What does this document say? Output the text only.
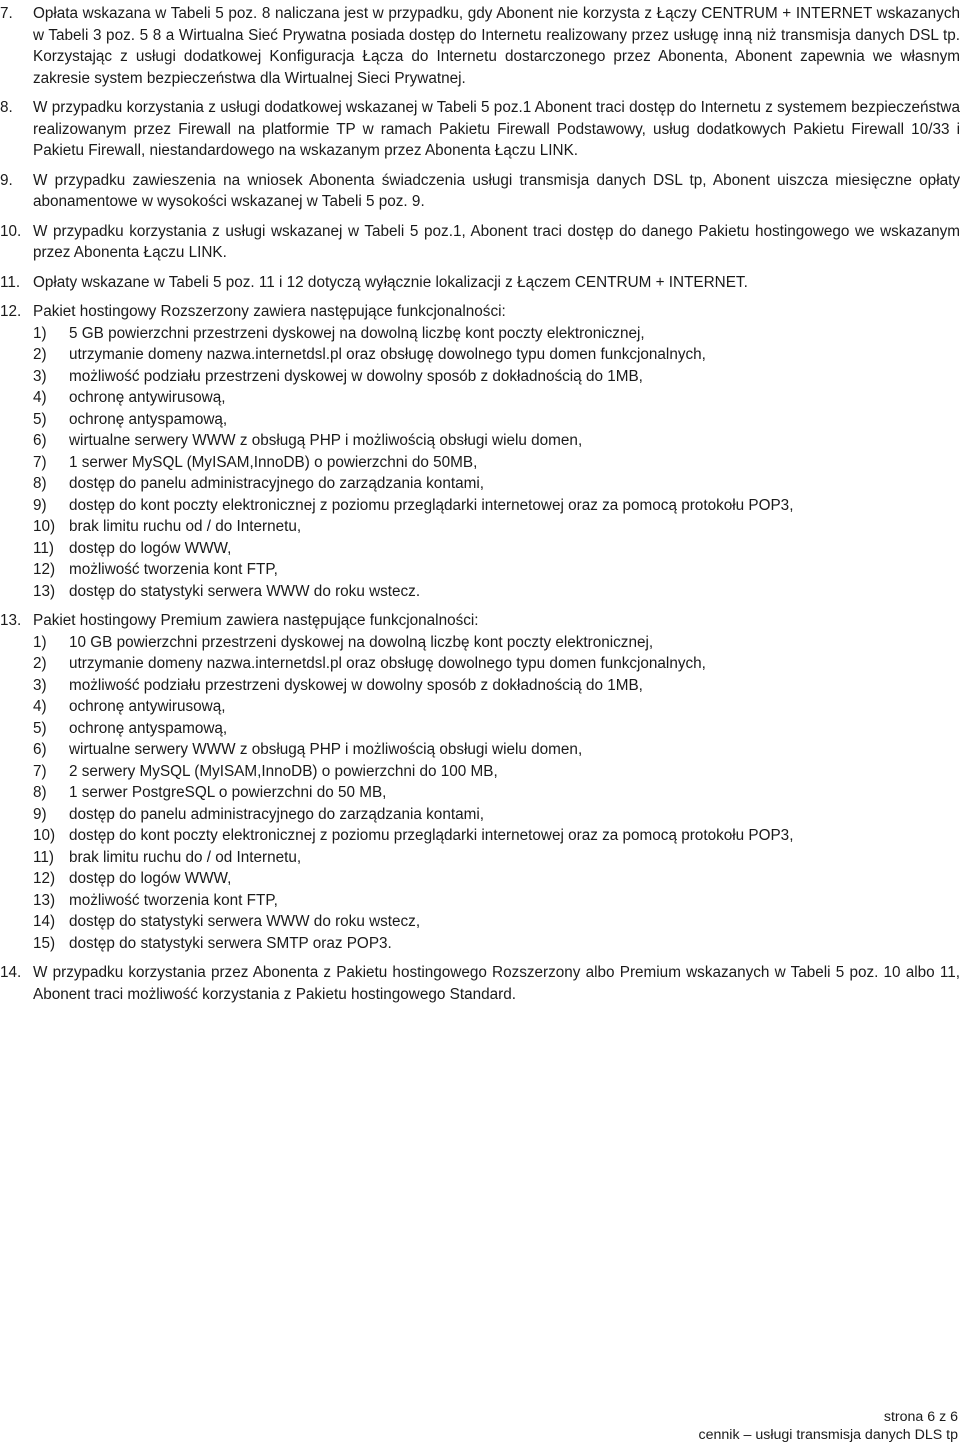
7.	Opłata wskazana w Tabeli 5 poz. 8 naliczana jest w przypadku, gdy Abonent nie korzysta z Łączy CENTRUM + INTERNET wskazanych w Tabeli 3 poz. 5 8 a Wirtualna Sieć Prywatna posiada dostęp do Internetu realizowany przez usługę inną niż transmisja danych DSL tp. Korzystając z usługi dodatkowej Konfiguracja Łącza do Internetu dostarczonego przez Abonenta, Abonent zapewnia we własnym zakresie system bezpieczeństwa dla Wirtualnej Sieci Prywatnej.
8.	W przypadku korzystania z usługi dodatkowej wskazanej w Tabeli 5 poz.1 Abonent traci dostęp do Internetu z systemem bezpieczeństwa realizowanym przez Firewall na platformie TP w ramach Pakietu Firewall Podstawowy, usług dodatkowych Pakietu Firewall 10/33 i Pakietu Firewall, niestandardowego na wskazanym przez Abonenta Łączu LINK.
9.	W przypadku zawieszenia na wniosek Abonenta świadczenia usługi transmisja danych DSL tp, Abonent uiszcza miesięczne opłaty abonamentowe w wysokości wskazanej w Tabeli 5 poz. 9.
10. W przypadku korzystania z usługi wskazanej w Tabeli 5 poz.1, Abonent traci dostęp do danego Pakietu hostingowego we wskazanym przez Abonenta Łączu LINK.
11. Opłaty wskazane w Tabeli 5 poz. 11 i 12 dotyczą wyłącznie lokalizacji z Łączem CENTRUM + INTERNET.
12. Pakiet hostingowy Rozszerzony zawiera następujące funkcjonalności:
1) 5 GB powierzchni przestrzeni dyskowej na dowolną liczbę kont poczty elektronicznej,
2) utrzymanie domeny nazwa.internetdsl.pl oraz obsługę dowolnego typu domen funkcjonalnych,
3) możliwość podziału przestrzeni dyskowej w dowolny sposób z dokładnością do 1MB,
4) ochronę antywirusową,
5) ochronę antyspamową,
6) wirtualne serwery WWW z obsługą PHP i możliwością obsługi wielu domen,
7) 1 serwer MySQL (MyISAM,InnoDB) o powierzchni do 50MB,
8) dostęp do panelu administracyjnego do zarządzania kontami,
9) dostęp do kont poczty elektronicznej z poziomu przeglądarki internetowej oraz za pomocą protokołu POP3,
10) brak limitu ruchu od / do Internetu,
11) dostęp do logów WWW,
12) możliwość tworzenia kont FTP,
13) dostęp do statystyki serwera WWW do roku wstecz.
13. Pakiet hostingowy Premium zawiera następujące funkcjonalności:
1) 10 GB powierzchni przestrzeni dyskowej na dowolną liczbę kont poczty elektronicznej,
2) utrzymanie domeny nazwa.internetdsl.pl oraz obsługę dowolnego typu domen funkcjonalnych,
3) możliwość podziału przestrzeni dyskowej w dowolny sposób z dokładnością do 1MB,
4) ochronę antywirusową,
5) ochronę antyspamową,
6) wirtualne serwery WWW z obsługą PHP i możliwością obsługi wielu domen,
7) 2 serwery MySQL (MyISAM,InnoDB) o powierzchni do 100 MB,
8) 1 serwer PostgreSQL o powierzchni do 50 MB,
9) dostęp do panelu administracyjnego do zarządzania kontami,
10) dostęp do kont poczty elektronicznej z poziomu przeglądarki internetowej oraz za pomocą protokołu POP3,
11) brak limitu ruchu do / od Internetu,
12) dostęp do logów WWW,
13) możliwość tworzenia kont FTP,
14) dostęp do statystyki serwera WWW do roku wstecz,
15) dostęp do statystyki serwera SMTP oraz POP3.
14. W przypadku korzystania przez Abonenta z Pakietu hostingowego Rozszerzony albo Premium wskazanych w Tabeli 5 poz. 10 albo 11, Abonent traci możliwość korzystania z Pakietu hostingowego Standard.
strona 6 z 6
cennik – usługi transmisja danych DLS tp
